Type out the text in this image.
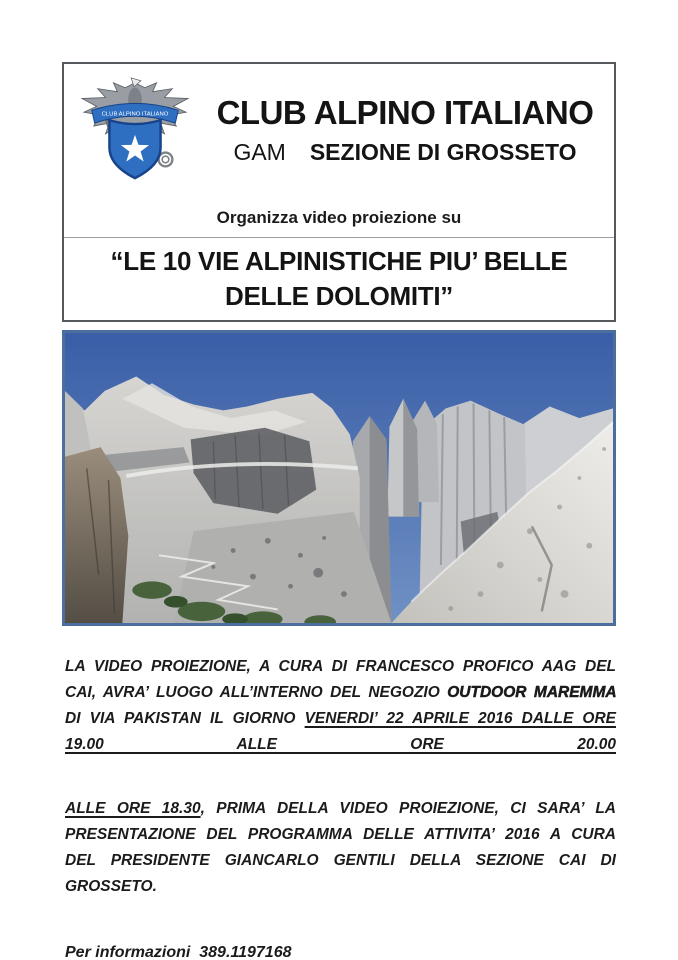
CLUB ALPINO ITALIANO	CLUB ALPINO ITALIANO
GAM SEZIONE DI GROSSETO
Organizza video proiezione su
“LE 10 VIE ALPINISTICHE PIU’ BELLE
DELLE DOLOMITI”

LA VIDEO PROIEZIONE, A CURA DI FRANCESCO PROFICO AAG DEL CAI, AVRA’ LUOGO ALL’INTERNO DEL NEGOZIO OUTDOOR MAREMMA DI VIA PAKISTAN IL GIORNO VENERDI’ 22 APRILE 2016 DALLE ORE 19.00 ALLE ORE 20.00

ALLE ORE 18.30, PRIMA DELLA VIDEO PROIEZIONE, CI SARA’ LA PRESENTAZIONE DEL PROGRAMMA DELLE ATTIVITA’ 2016 A CURA DEL PRESIDENTE GIANCARLO GENTILI DELLA SEZIONE CAI DI GROSSETO.

Per informazioni  389.1197168
